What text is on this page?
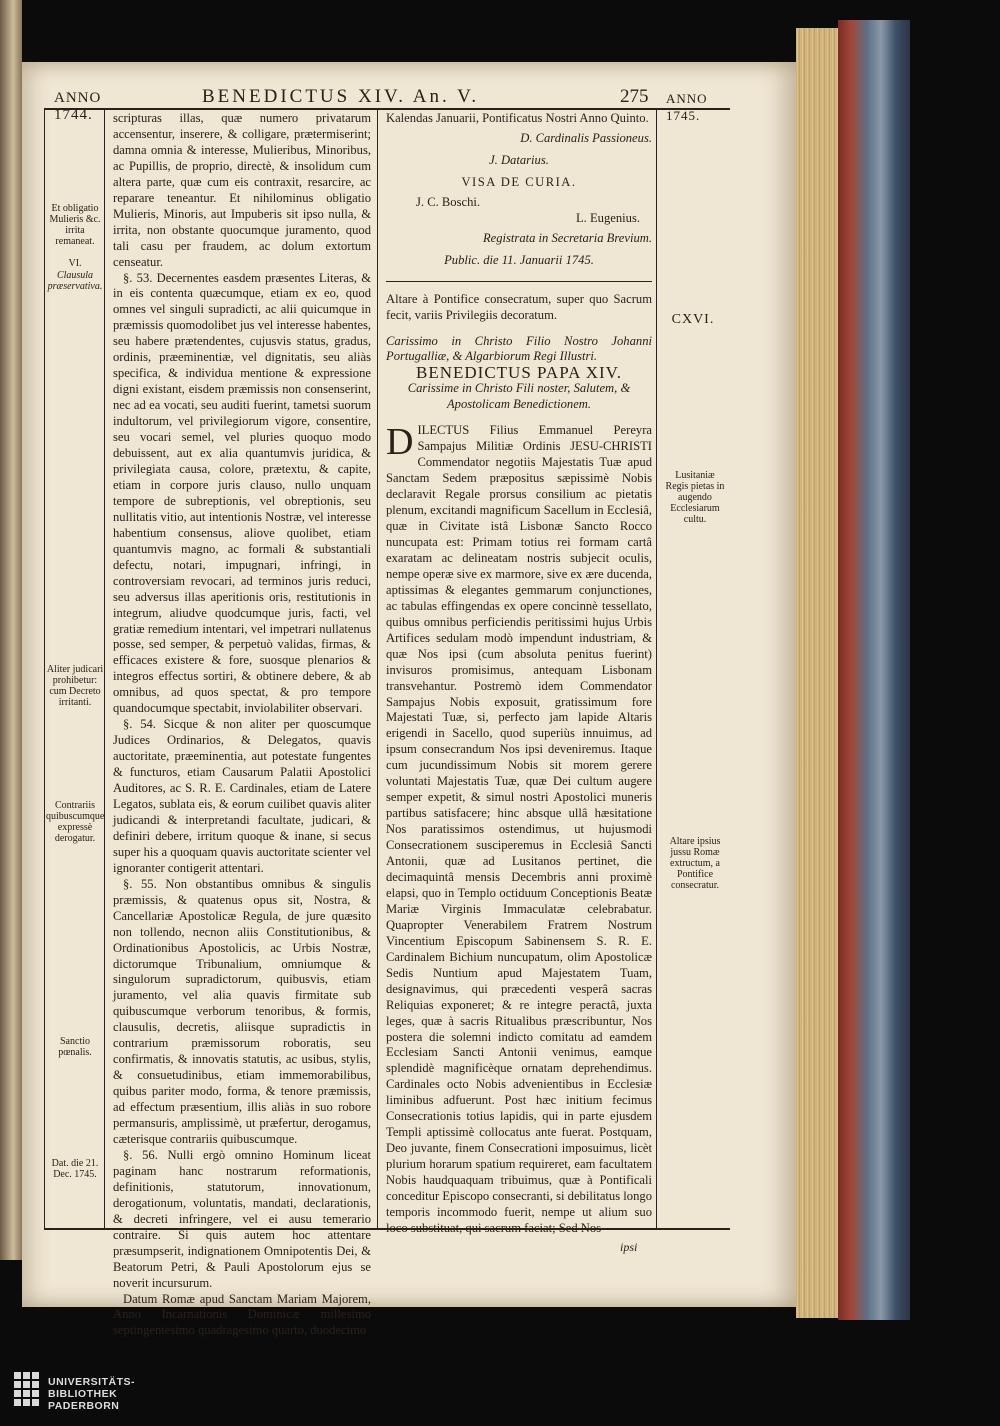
ANNO
1744.
BENEDICTUS XIV. An. V.	275 ANNO
1745.

scripturas illas, quæ numero privatarum accensentur, inserere, & colligare, prætermiserint; damna omnia & interesse, Mulieribus, Minoribus, ac Pupillis, de proprio, directè, & insolidum cum altera parte, quæ cum eis contraxit, resarcire, ac reparare teneantur. Et nihilominus obligatio Mulieris, Minoris, aut Impuberis sit ipso nulla, & irrita, non obstante quocumque juramento, quod tali casu per fraudem, ac dolum extortum censeatur.

§. 53. Decernentes easdem præsentes Literas, & in eis contenta quæcumque, etiam ex eo, quod omnes vel singuli supradicti, ac alii quicumque in præmissis quomodolibet jus vel interesse habentes, seu habere prætendentes, cujusvis status, gradus, ordinis, præeminentiæ, vel dignitatis, seu aliàs specifica, & individua mentione & expressione digni existant, eisdem præmissis non consenserint, nec ad ea vocati, seu auditi fuerint, tametsi suorum indultorum, vel privilegiorum vigore, consentire, seu vocari semel, vel pluries quoquo modo debuissent, aut ex alia quantumvis juridica, & privilegiata causa, colore, prætextu, & capite, etiam in corpore juris clauso, nullo unquam tempore de subreptionis, vel obreptionis, seu nullitatis vitio, aut intentionis Nostræ, vel interesse habentium consensus, aliove quolibet, etiam quantumvis magno, ac formali & substantiali defectu, notari, impugnari, infringi, in controversiam revocari, ad terminos juris reduci, seu adversus illas aperitionis oris, restitutionis in integrum, aliudve quodcumque juris, facti, vel gratiæ remedium intentari, vel impetrari nullatenus posse, sed semper, & perpetuò validas, firmas, & efficaces existere & fore, suosque plenarios & integros effectus sortiri, & obtinere debere, & ab omnibus, ad quos spectat, & pro tempore quandocumque spectabit, inviolabiliter observari.

§. 54. Sicque & non aliter per quoscumque Judices Ordinarios, & Delegatos, quavis auctoritate, præeminentia, aut potestate fungentes & functuros, etiam Causarum Palatii Apostolici Auditores, ac S. R. E. Cardinales, etiam de Latere Legatos, sublata eis, & eorum cuilibet quavis aliter judicandi & interpretandi facultate, judicari, & definiri debere, irritum quoque & inane, si secus super his a quoquam quavis auctoritate scienter vel ignoranter contigerit attentari.

§. 55. Non obstantibus omnibus & singulis præmissis, & quatenus opus sit, Nostra, & Cancellariæ Apostolicæ Regula, de jure quæsito non tollendo, necnon aliis Constitutionibus, & Ordinationibus Apostolicis, ac Urbis Nostræ, dictorumque Tribunalium, omniumque & singulorum supradictorum, quibusvis, etiam juramento, vel alia quavis firmitate sub quibuscumque verborum tenoribus, & formis, clausulis, decretis, aliisque supradictis in contrarium præmissorum roboratis, seu confirmatis, & innovatis statutis, ac usibus, stylis, & consuetudinibus, etiam immemorabilibus, quibus pariter modo, forma, & tenore præmissis, ad effectum præsentium, illis aliàs in suo robore permansuris, amplissimè, ut præfertur, derogamus, cæterisque contrariis quibuscumque.

§. 56. Nulli ergò omnino Hominum liceat paginam hanc nostrarum reformationis, definitionis, statutorum, innovationum, derogationum, voluntatis, mandati, declarationis, & decreti infringere, vel ei ausu temerario contraire. Si quis autem hoc attentare præsumpserit, indignationem Omnipotentis Dei, & Beatorum Petri, & Pauli Apostolorum ejus se noverit incursurum.

Datum Romæ apud Sanctam Mariam Majorem, Anno Incarnationis Dominicæ millesimo septingentesimo quadragesimo quarto, duodecimo

Kalendas Januarii, Pontificatus Nostri Anno Quinto.

D. Cardinalis Passioneus.

J. Datarius.

VISA DE CURIA.

J. C. Boschi.

L. Eugenius.

Registrata in Secretaria Brevium.

Public. die 11. Januarii 1745.

Altare à Pontifice consecratum, super quo Sacrum fecit, variis Privilegiis decoratum.

Carissimo in Christo Filio Nostro Johanni Portugalliæ, & Algarbiorum Regi Illustri.

BENEDICTUS PAPA XIV.

Carissime in Christo Fili noster, Salutem, & Apostolicam Benedictionem.

DILECTUS Filius Emmanuel Pereyra Sampajus Militiæ Ordinis JESU-CHRISTI Commendator negotiis Majestatis Tuæ apud Sanctam Sedem præpositus sæpissimè Nobis declaravit Regale prorsus consilium ac pietatis plenum, excitandi magnificum Sacellum in Ecclesiâ, quæ in Civitate istâ Lisbonæ Sancto Rocco nuncupata est: Primam totius rei formam cartâ exaratam ac delineatam nostris subjecit oculis, nempe operæ sive ex marmore, sive ex ære ducenda, aptissimas & elegantes gemmarum conjunctiones, ac tabulas effingendas ex opere concinnè tessellato, quibus omnibus perficiendis peritissimi hujus Urbis Artifices sedulam modò impendunt industriam, & quæ Nos ipsi (cum absoluta penitus fuerint) invisuros promisimus, antequam Lisbonam transvehantur. Postremò idem Commendator Sampajus Nobis exposuit, gratissimum fore Majestati Tuæ, si, perfecto jam lapide Altaris erigendi in Sacello, quod superiùs innuimus, ad ipsum consecrandum Nos ipsi deveniremus. Itaque cum jucundissimum Nobis sit morem gerere voluntati Majestatis Tuæ, quæ Dei cultum augere semper expetit, & simul nostri Apostolici muneris partibus satisfacere; hinc absque ullâ hæsitatione Nos paratissimos ostendimus, ut hujusmodi Consecrationem susciperemus in Ecclesiâ Sancti Antonii, quæ ad Lusitanos pertinet, die decimaquintâ mensis Decembris anni proximè elapsi, quo in Templo octiduum Conceptionis Beatæ Mariæ Virginis Immaculatæ celebrabatur. Quapropter Venerabilem Fratrem Nostrum Vincentium Episcopum Sabinensem S. R. E. Cardinalem Bichium nuncupatum, olim Apostolicæ Sedis Nuntium apud Majestatem Tuam, designavimus, qui præcedenti vesperâ sacras Reliquias exponeret; & re integre peractâ, juxta leges, quæ à sacris Ritualibus præscribuntur, Nos postera die solemni indicto comitatu ad eamdem Ecclesiam Sancti Antonii venimus, eamque splendidè magnificèque ornatam deprehendimus. Cardinales octo Nobis advenientibus in Ecclesiæ liminibus adfuerunt. Post hæc initium fecimus Consecrationis totius lapidis, qui in parte ejusdem Templi aptissimè collocatus ante fuerat. Postquam, Deo juvante, finem Consecrationi imposuimus, licèt plurium horarum spatium requireret, eam facultatem Nobis haudquaquam tribuimus, quæ à Pontificali conceditur Episcopo consecranti, si debilitatus longo temporis incommodo fuerit, nempe ut alium suo loco substituat, qui sacrum faciat; Sed Nos

Et obligatio Mulieris &c. irrita remaneat.
VI.
Clausula præservativa.
Aliter judicari prohibetur: cum Decreto irritanti.
Contrariis quibuscumque expressè derogatur.
Sanctio pœnalis.
Dat. die 21. Dec. 1745.
CXVI.
Lusitaniæ Regis pietas in augendo Ecclesiarum cultu.
Altare ipsius jussu Romæ extructum, a Pontifice consecratur.
ipsi
UNIVERSITÄTS-
BIBLIOTHEK
PADERBORN
